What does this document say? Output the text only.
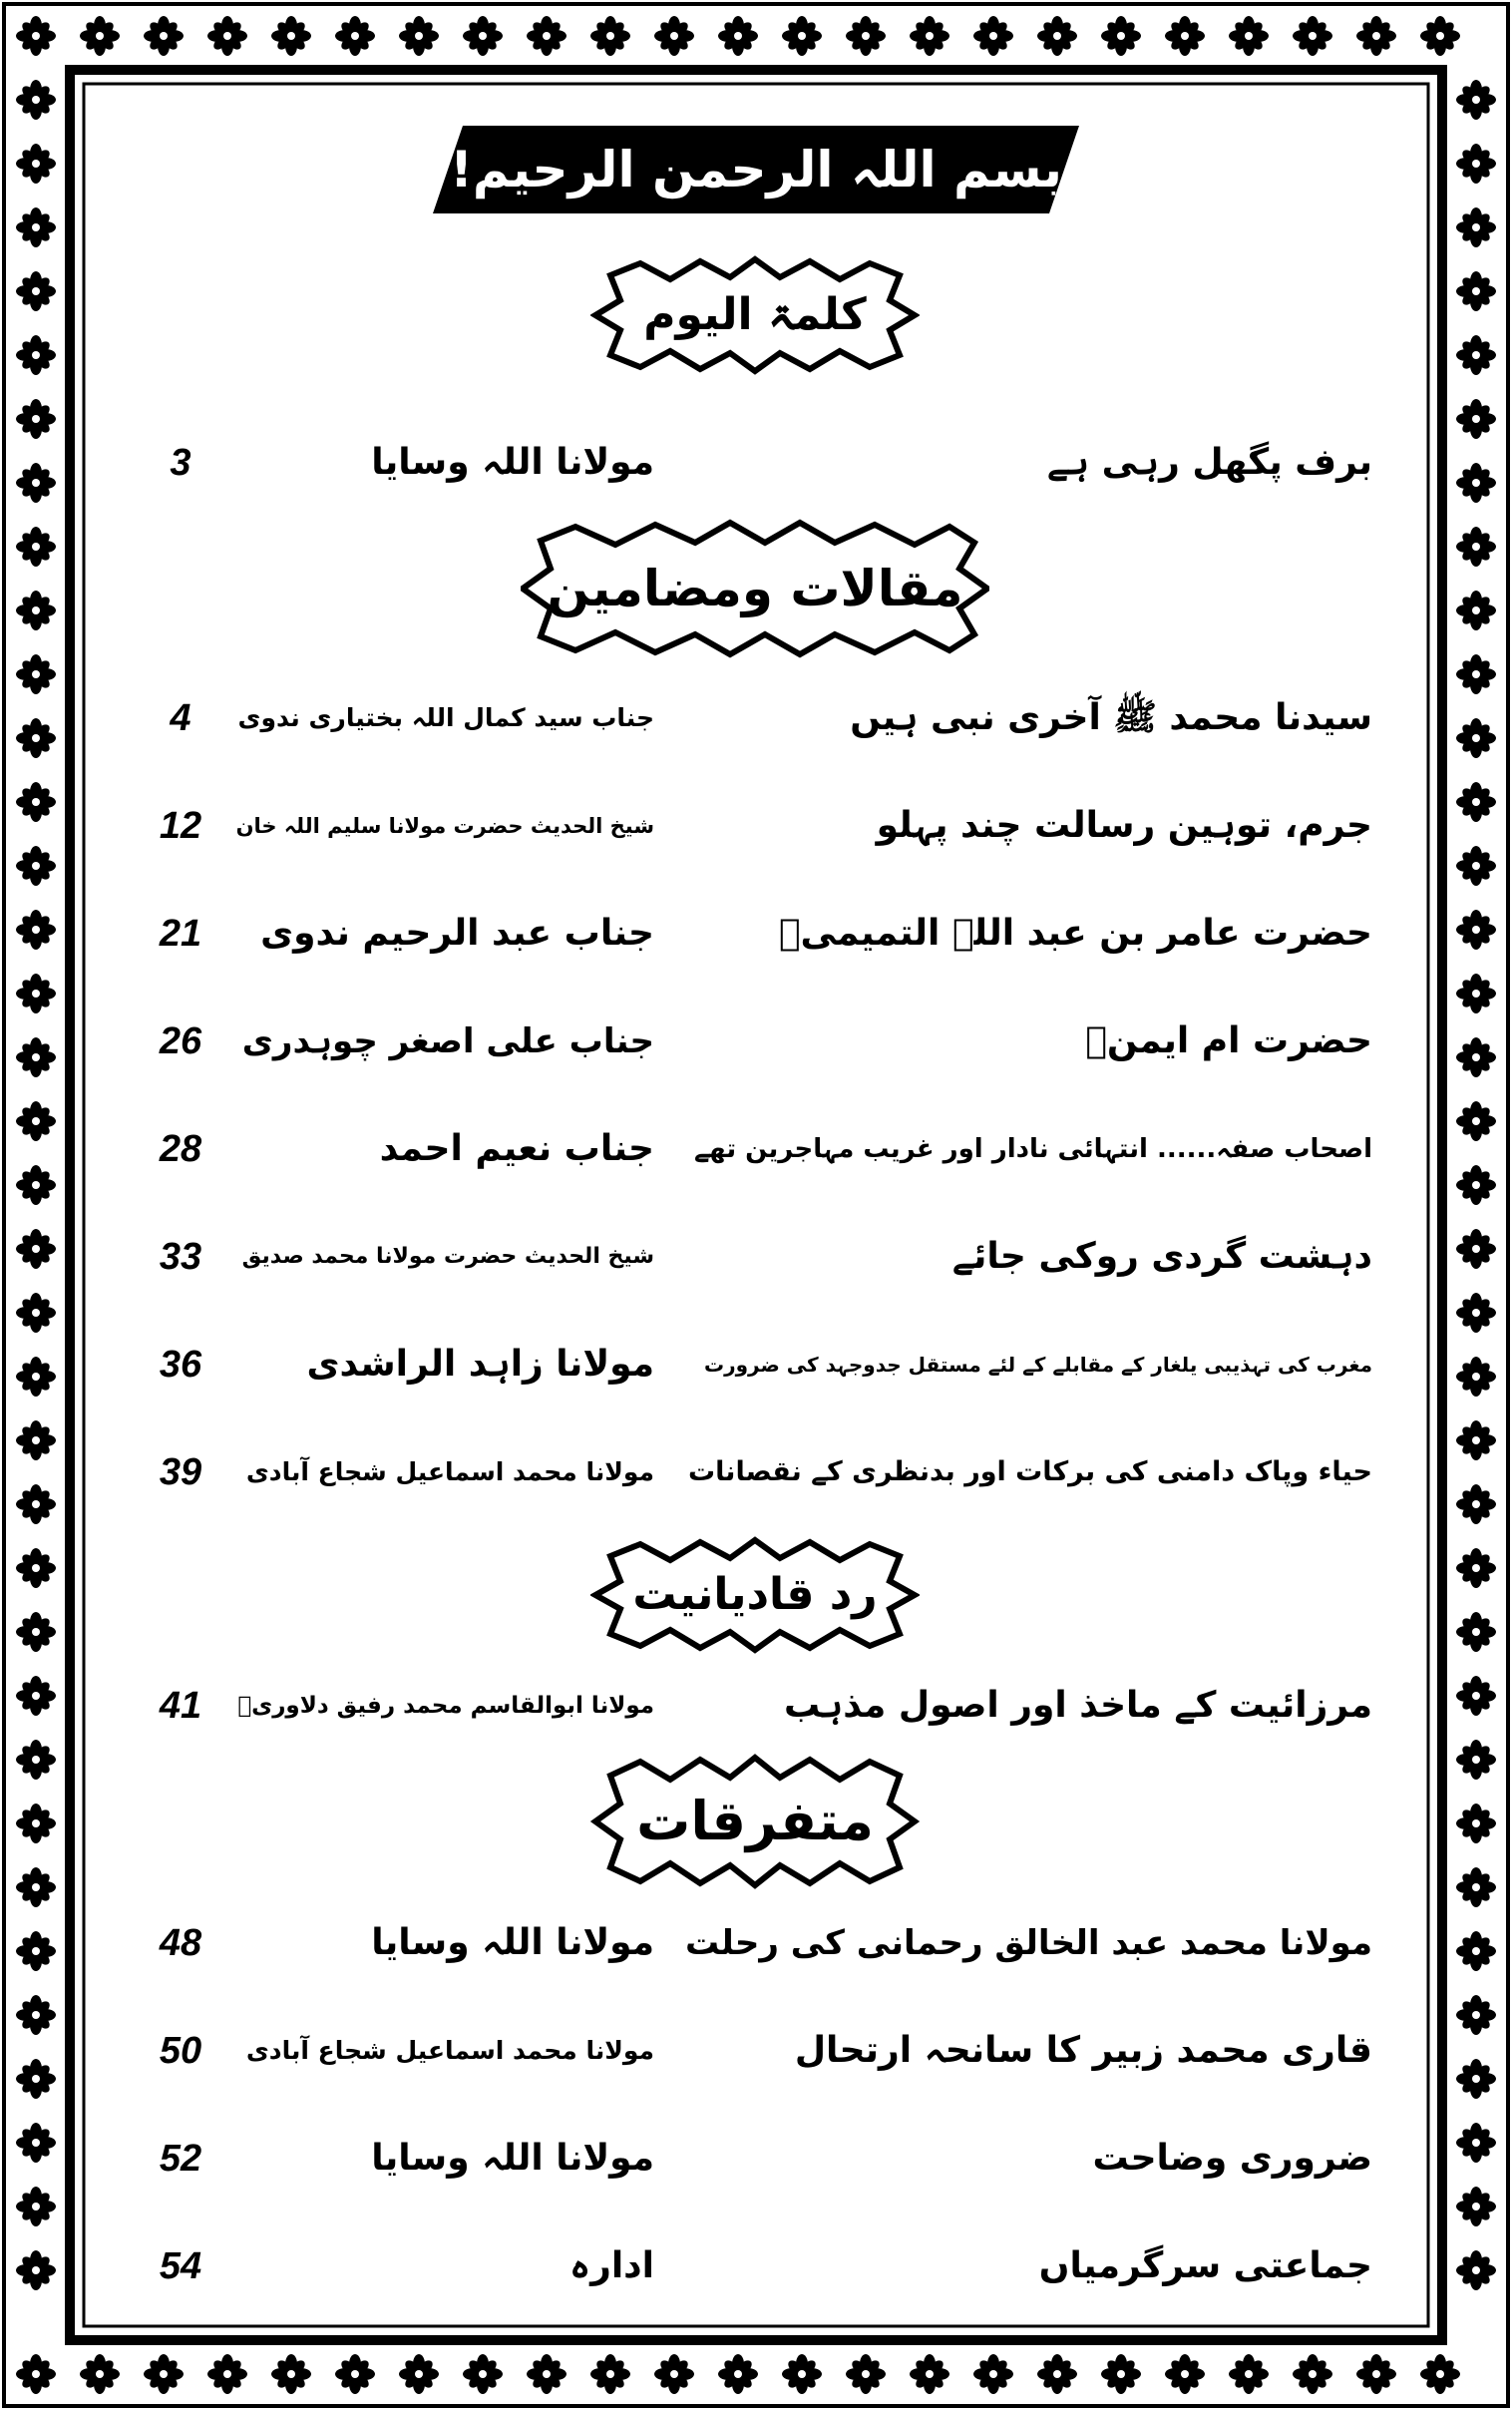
بسم اللہ الرحمن الرحیم!
کلمۃ الیوم
برف پگھل رہی ہے
مولانا اللہ وسایا
3
مقالات ومضامین
سیدنا محمد ﷺ آخری نبی ہیں
جناب سید کمال اللہ بختیاری ندوی
4
جرم، توہین رسالت چند پہلو
شیخ الحدیث حضرت مولانا سلیم اللہ خان
12
حضرت عامر بن عبد اللہ التمیمیؒ
جناب عبد الرحیم ندوی
21
حضرت ام ایمنؓ
جناب علی اصغر چوہدری
26
اصحاب صفہ...... انتہائی نادار اور غریب مہاجرین تھے
جناب نعیم احمد
28
دہشت گردی روکی جائے
شیخ الحدیث حضرت مولانا محمد صدیق
33
مغرب کی تہذیبی یلغار کے مقابلے کے لئے مستقل جدوجہد کی ضرورت
مولانا زاہد الراشدی
36
حیاء وپاک دامنی کی برکات اور بدنظری کے نقصانات
مولانا محمد اسماعیل شجاع آبادی
39
رد قادیانیت
مرزائیت کے ماخذ اور اصول مذہب
مولانا ابوالقاسم محمد رفیق دلاوریؒ
41
متفرقات
مولانا محمد عبد الخالق رحمانی کی رحلت
مولانا اللہ وسایا
48
قاری محمد زبیر کا سانحہ ارتحال
مولانا محمد اسماعیل شجاع آبادی
50
ضروری وضاحت
مولانا اللہ وسایا
52
جماعتی سرگرمیاں
ادارہ
54
